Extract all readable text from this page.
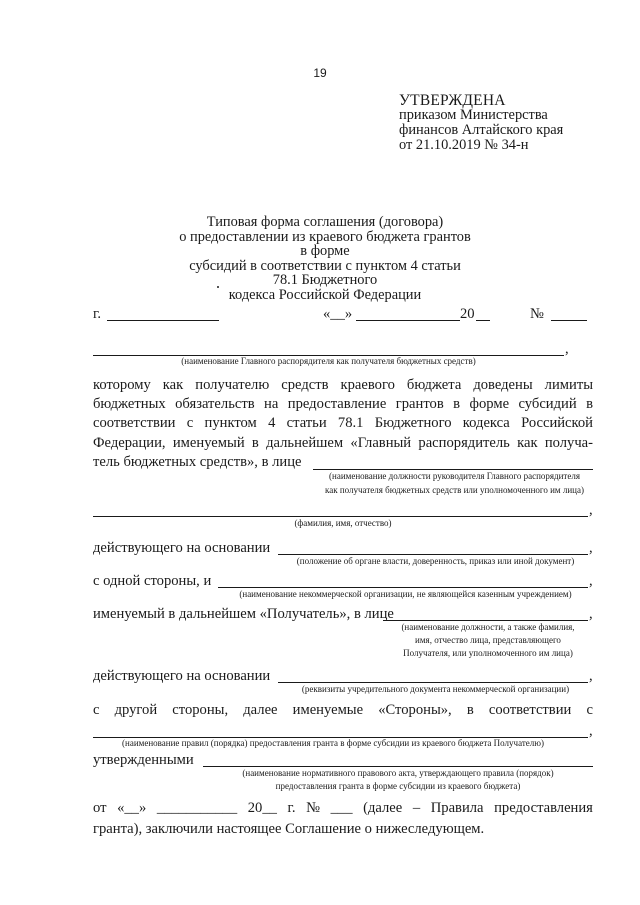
19
УТВЕРЖДЕНА
приказом Министерства
финансов Алтайского края
от 21.10.2019 № 34-н
Типовая форма соглашения (договора)
о предоставлении из краевого бюджета грантов в форме
субсидий в соответствии с пунктом 4 статьи 78.1 Бюджетного
кодекса Российской Федерации
г.	«__»	20	№
,
(наименование Главного распорядителя как получателя бюджетных средств)
которому как получателю средств краевого бюджета доведены лимиты
бюджетных обязательств на предоставление грантов в форме субсидий в
соответствии с пунктом 4 статьи 78.1 Бюджетного кодекса Российской
Федерации, именуемый в дальнейшем «Главный распорядитель как получа-
тель бюджетных средств», в лице
(наименование должности руководителя Главного распорядителя
как получателя бюджетных средств или уполномоченного им лица)
,
(фамилия, имя, отчество)
действующего на основании	,
(положение об органе власти, доверенность, приказ или иной документ)
с одной стороны, и	,
(наименование некоммерческой организации, не являющейся казенным учреждением)
именуемый в дальнейшем «Получатель», в лице	,
(наименование должности, а также фамилия,
имя, отчество лица, представляющего
Получателя, или уполномоченного им лица)
действующего на основании	,
(реквизиты учредительного документа некоммерческой организации)
с другой стороны, далее именуемые «Стороны», в соответствии с
,
(наименование правил (порядка) предоставления гранта в форме субсидии из краевого бюджета Получателю)
утвержденными
(наименование нормативного правового акта, утверждающего правила (порядок)
предоставления гранта в форме субсидии из краевого бюджета)
от «__» ___________ 20__ г. № ___ (далее – Правила предоставления
гранта), заключили настоящее Соглашение о нижеследующем.
